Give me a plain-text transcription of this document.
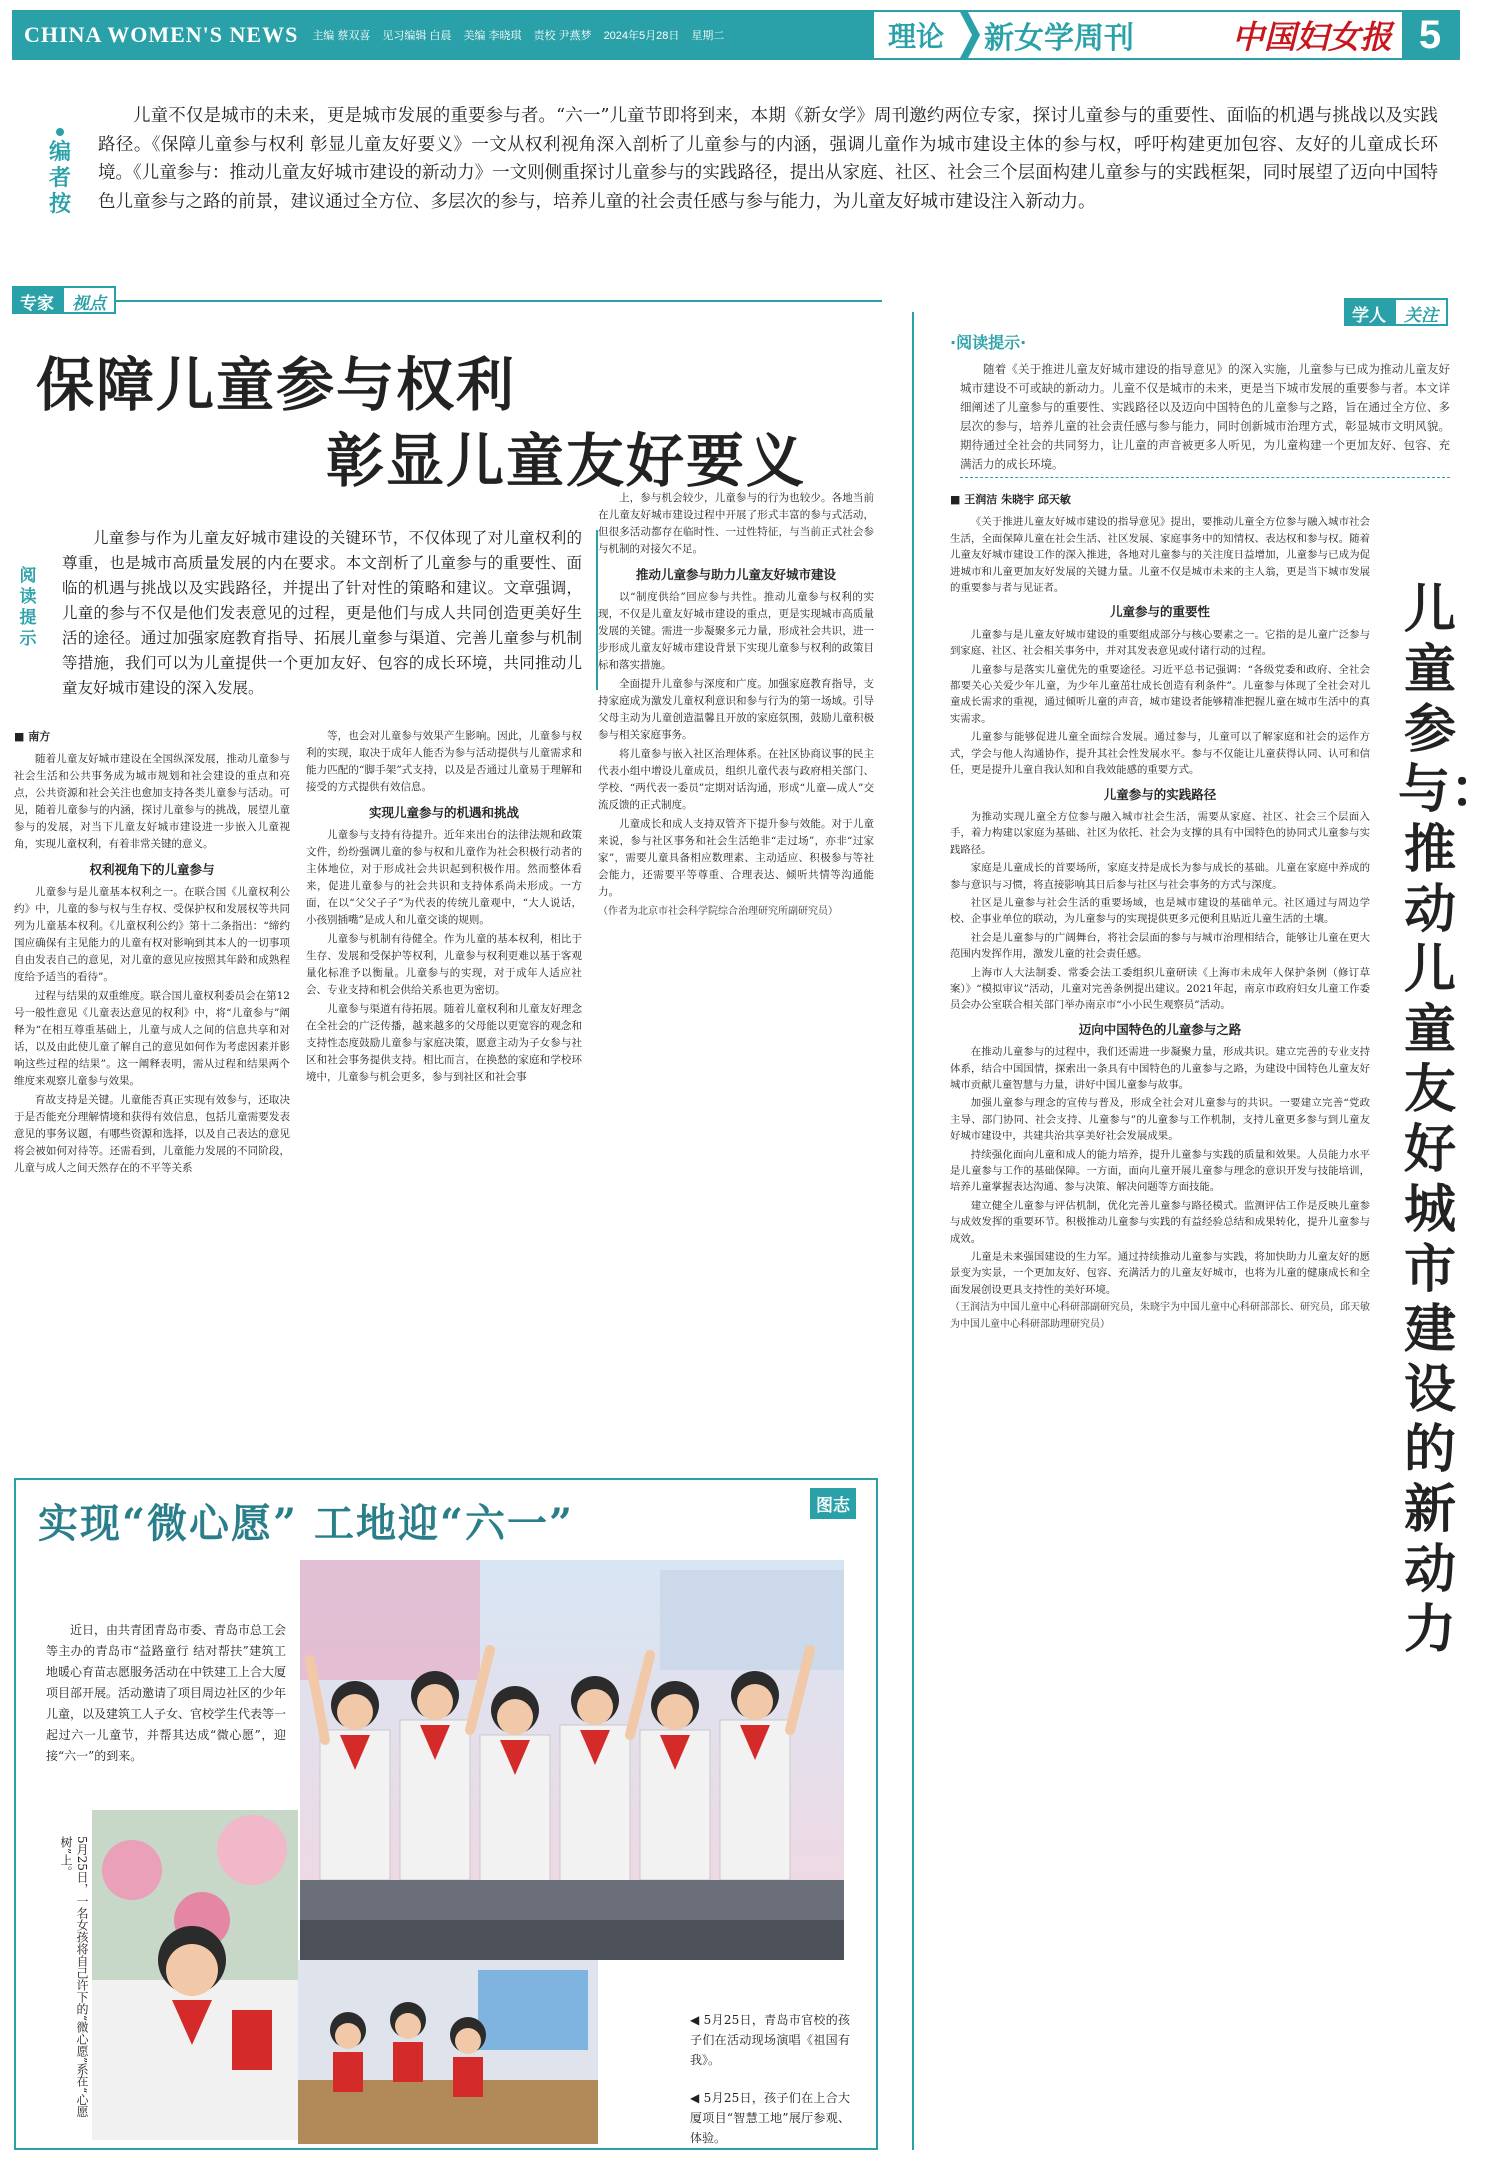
CHINA WOMEN'S NEWS 主编 蔡双喜 见习编辑 白晨 美编 李晓琪 责校 尹燕梦 2024年5月28日 星期二	理论	新女学周刊	中国妇女报 5
编者按
儿童不仅是城市的未来，更是城市发展的重要参与者。“六一”儿童节即将到来，本期《新女学》周刊邀约两位专家，探讨儿童参与的重要性、面临的机遇与挑战以及实践路径。《保障儿童参与权利 彰显儿童友好要义》一文从权利视角深入剖析了儿童参与的内涵，强调儿童作为城市建设主体的参与权，呼吁构建更加包容、友好的儿童成长环境。《儿童参与：推动儿童友好城市建设的新动力》一文则侧重探讨儿童参与的实践路径，提出从家庭、社区、社会三个层面构建儿童参与的实践框架，同时展望了迈向中国特色儿童参与之路的前景，建议通过全方位、多层次的参与，培养儿童的社会责任感与参与能力，为儿童友好城市建设注入新动力。
专家	视点
学人	关注
保障儿童参与权利
彰显儿童友好要义
阅读提示
儿童参与作为儿童友好城市建设的关键环节，不仅体现了对儿童权利的尊重，也是城市高质量发展的内在要求。本文剖析了儿童参与的重要性、面临的机遇与挑战以及实践路径，并提出了针对性的策略和建议。文章强调，儿童的参与不仅是他们发表意见的过程，更是他们与成人共同创造更美好生活的途径。通过加强家庭教育指导、拓展儿童参与渠道、完善儿童参与机制等措施，我们可以为儿童提供一个更加友好、包容的成长环境，共同推动儿童友好城市建设的深入发展。

■ 南方

随着儿童友好城市建设在全国纵深发展，推动儿童参与社会生活和公共事务成为城市规划和社会建设的重点和亮点，公共资源和社会关注也愈加支持各类儿童参与活动。可见，随着儿童参与的内涵，探讨儿童参与的挑战，展望儿童参与的发展，对当下儿童友好城市建设进一步嵌入儿童视角，实现儿童权利，有着非常关键的意义。

权利视角下的儿童参与

儿童参与是儿童基本权利之一。在联合国《儿童权利公约》中，儿童的参与权与生存权、受保护权和发展权等共同列为儿童基本权利。《儿童权利公约》第十二条指出：“缔约国应确保有主见能力的儿童有权对影响到其本人的一切事项自由发表自己的意见，对儿童的意见应按照其年龄和成熟程度给予适当的看待”。

过程与结果的双重维度。联合国儿童权利委员会在第12号一般性意见《儿童表达意见的权利》中，将“儿童参与”阐释为“在相互尊重基础上，儿童与成人之间的信息共享和对话，以及由此使儿童了解自己的意见如何作为考虑因素并影响这些过程的结果”。这一阐释表明，需从过程和结果两个维度来观察儿童参与效果。

育故支持是关键。儿童能否真正实现有效参与，还取决于是否能充分理解情境和获得有效信息，包括儿童需要发表意见的事务议题，有哪些资源和选择，以及自己表达的意见将会被如何对待等。还需看到，儿童能力发展的不同阶段，儿童与成人之间天然存在的不平等关系

等，也会对儿童参与效果产生影响。因此，儿童参与权利的实现，取决于成年人能否为参与活动提供与儿童需求和能力匹配的“脚手架”式支持，以及是否通过儿童易于理解和接受的方式提供有效信息。

实现儿童参与的机遇和挑战

儿童参与支持有待提升。近年来出台的法律法规和政策文件，纷纷强调儿童的参与权和儿童作为社会积极行动者的主体地位，对于形成社会共识起到积极作用。然而整体看来，促进儿童参与的社会共识和支持体系尚未形成。一方面，在以“父父子子”为代表的传统儿童观中，“大人说话，小孩别插嘴”是成人和儿童交谈的规则。

儿童参与机制有待健全。作为儿童的基本权利，相比于生存、发展和受保护等权利，儿童参与权利更难以基于客观量化标准予以衡量。儿童参与的实现，对于成年人适应社会、专业支持和机会供给关系也更为密切。

儿童参与渠道有待拓展。随着儿童权利和儿童友好理念在全社会的广泛传播，越来越多的父母能以更宽容的观念和支持性态度鼓励儿童参与家庭决策，愿意主动为子女参与社区和社会事务提供支持。相比而言，在换愁的家庭和学校环境中，儿童参与机会更多，参与到社区和社会事

上，参与机会较少，儿童参与的行为也较少。各地当前在儿童友好城市建设过程中开展了形式丰富的参与式活动，但很多活动都存在临时性、一过性特征，与当前正式社会参与机制的对接欠不足。

推动儿童参与助力儿童友好城市建设

以“制度供给”回应参与共性。推动儿童参与权利的实现，不仅是儿童友好城市建设的重点，更是实现城市高质量发展的关键。需进一步凝聚多元力量，形成社会共识，进一步形成儿童友好城市建设背景下实现儿童参与权利的政策目标和落实措施。

全面提升儿童参与深度和广度。加强家庭教育指导，支持家庭成为激发儿童权利意识和参与行为的第一场域。引导父母主动为儿童创造温馨且开放的家庭氛围，鼓励儿童积极参与相关家庭事务。

将儿童参与嵌入社区治理体系。在社区协商议事的民主代表小组中增设儿童成员，组织儿童代表与政府相关部门、学校、“两代表一委员”定期对话沟通，形成“儿童—成人”交流反馈的正式制度。

儿童成长和成人支持双管齐下提升参与效能。对于儿童来说，参与社区事务和社会生活绝非“走过场”，亦非“过家家”，需要儿童具备相应数理素、主动适应、积极参与等社会能力，还需要平等尊重、合理表达、倾听共情等沟通能力。

（作者为北京市社会科学院综合治理研究所副研究员）

·阅读提示·
随着《关于推进儿童友好城市建设的指导意见》的深入实施，儿童参与已成为推动儿童友好城市建设不可或缺的新动力。儿童不仅是城市的未来，更是当下城市发展的重要参与者。本文详细阐述了儿童参与的重要性、实践路径以及迈向中国特色的儿童参与之路，旨在通过全方位、多层次的参与，培养儿童的社会责任感与参与能力，同时创新城市治理方式，彰显城市文明风貌。期待通过全社会的共同努力，让儿童的声音被更多人听见，为儿童构建一个更加友好、包容、充满活力的成长环境。
儿童参与：推动儿童友好城市建设的新动力

■ 王润洁 朱晓宇 邱天敏

《关于推进儿童友好城市建设的指导意见》提出，要推动儿童全方位参与融入城市社会生活，全面保障儿童在社会生活、社区发展、家庭事务中的知情权、表达权和参与权。随着儿童友好城市建设工作的深入推进，各地对儿童参与的关注度日益增加，儿童参与已成为促进城市和儿童更加友好发展的关键力量。儿童不仅是城市未来的主人翁，更是当下城市发展的重要参与者与见证者。

儿童参与的重要性

儿童参与是儿童友好城市建设的重要组成部分与核心要素之一。它指的是儿童广泛参与到家庭、社区、社会相关事务中，并对其发表意见或付诸行动的过程。

儿童参与是落实儿童优先的重要途径。习近平总书记强调：“各级党委和政府、全社会都要关心关爱少年儿童，为少年儿童茁壮成长创造有利条件”。儿童参与体现了全社会对儿童成长需求的重视，通过倾听儿童的声音，城市建设者能够精准把握儿童在城市生活中的真实需求。

儿童参与能够促进儿童全面综合发展。通过参与，儿童可以了解家庭和社会的运作方式，学会与他人沟通协作，提升其社会性发展水平。参与不仅能让儿童获得认同、认可和信任，更是提升儿童自我认知和自我效能感的重要方式。

儿童参与的实践路径

为推动实现儿童全方位参与融入城市社会生活，需要从家庭、社区、社会三个层面入手，着力构建以家庭为基础、社区为依托、社会为支撑的具有中国特色的协同式儿童参与实践路径。

家庭是儿童成长的首要场所，家庭支持是成长为参与成长的基础。儿童在家庭中养成的参与意识与习惯，将直接影响其日后参与社区与社会事务的方式与深度。

社区是儿童参与社会生活的重要场域，也是城市建设的基础单元。社区通过与周边学校、企事业单位的联动，为儿童参与的实现提供更多元便利且贴近儿童生活的土壤。

社会是儿童参与的广阔舞台，将社会层面的参与与城市治理相结合，能够让儿童在更大范围内发挥作用，激发儿童的社会责任感。

上海市人大法制委、常委会法工委组织儿童研读《上海市未成年人保护条例（修订草案）》“模拟审议”活动，儿童对完善条例提出建议。2021年起，南京市政府妇女儿童工作委员会办公室联合相关部门举办南京市“小小民生观察员”活动。

迈向中国特色的儿童参与之路

在推动儿童参与的过程中，我们还需进一步凝聚力量，形成共识。建立完善的专业支持体系，结合中国国情，探索出一条具有中国特色的儿童参与之路，为建设中国特色儿童友好城市贡献儿童智慧与力量，讲好中国儿童参与故事。

加强儿童参与理念的宣传与普及，形成全社会对儿童参与的共识。一要建立完善“党政主导、部门协同、社会支持、儿童参与”的儿童参与工作机制，支持儿童更多参与到儿童友好城市建设中，共建共治共享美好社会发展成果。

持续强化面向儿童和成人的能力培养，提升儿童参与实践的质量和效果。人员能力水平是儿童参与工作的基础保障。一方面，面向儿童开展儿童参与理念的意识开发与技能培训，培养儿童掌握表达沟通、参与决策、解决问题等方面技能。

建立健全儿童参与评估机制，优化完善儿童参与路径模式。监测评估工作是反映儿童参与成效发挥的重要环节。积极推动儿童参与实践的有益经验总结和成果转化，提升儿童参与成效。

儿童是未来强国建设的生力军。通过持续推动儿童参与实践，将加快助力儿童友好的愿景变为实景，一个更加友好、包容、充满活力的儿童友好城市，也将为儿童的健康成长和全面发展创设更具支持性的美好环境。

（王润洁为中国儿童中心科研部副研究员，朱晓宇为中国儿童中心科研部部长、研究员，邱天敏为中国儿童中心科研部助理研究员）

实现“微心愿” 工地迎“六一”	图志
近日，由共青团青岛市委、青岛市总工会等主办的青岛市“益路童行 结对帮扶”建筑工地暖心育苗志愿服务活动在中铁建工上合大厦项目部开展。活动邀请了项目周边社区的少年儿童，以及建筑工人子女、官校学生代表等一起过六一儿童节，并帮其达成“微心愿”，迎接“六一”的到来。
◀ 5月25日，青岛市官校的孩子们在活动现场演唱《祖国有我》。
◀ 5月25日，孩子们在上合大厦项目“智慧工地”展厅参观、体验。
5月25日，一名女孩将自己许下的“微心愿”系在“心愿树”上。
